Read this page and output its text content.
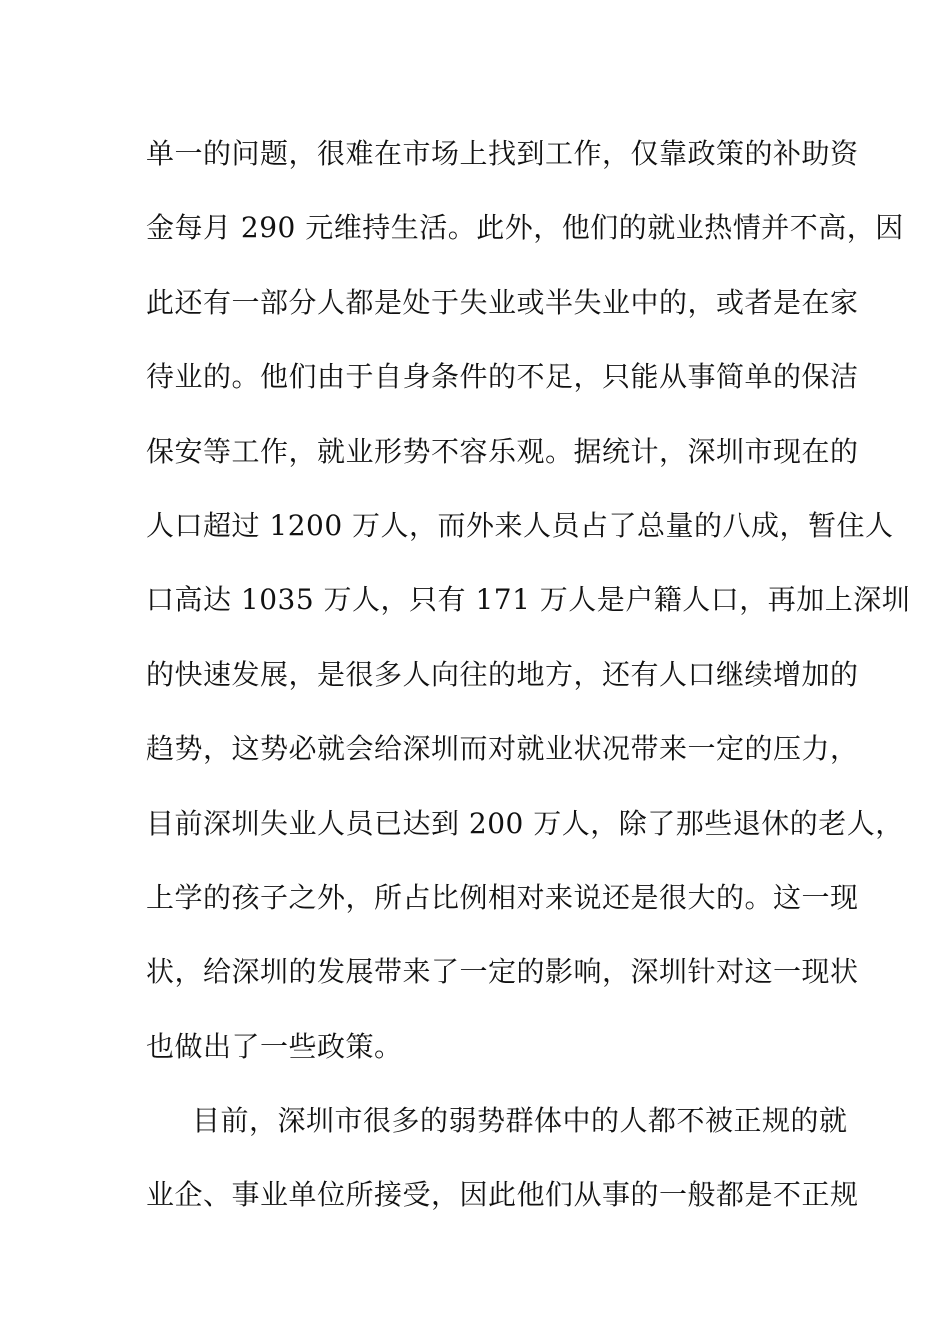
单一的问题，很难在市场上找到工作，仅靠政策的补助资
金每月 290 元维持生活。此外，他们的就业热情并不高，因
此还有一部分人都是处于失业或半失业中的，或者是在家
待业的。他们由于自身条件的不足，只能从事简单的保洁
保安等工作，就业形势不容乐观。据统计，深圳市现在的
人口超过 1200 万人，而外来人员占了总量的八成，暂住人
口高达 1035 万人，只有 171 万人是户籍人口，再加上深圳
的快速发展，是很多人向往的地方，还有人口继续增加的
趋势，这势必就会给深圳而对就业状况带来一定的压力，
目前深圳失业人员已达到 200 万人，除了那些退休的老人，
上学的孩子之外，所占比例相对来说还是很大的。这一现
状，给深圳的发展带来了一定的影响，深圳针对这一现状
也做出了一些政策。
目前，深圳市很多的弱势群体中的人都不被正规的就
业企、事业单位所接受，因此他们从事的一般都是不正规
